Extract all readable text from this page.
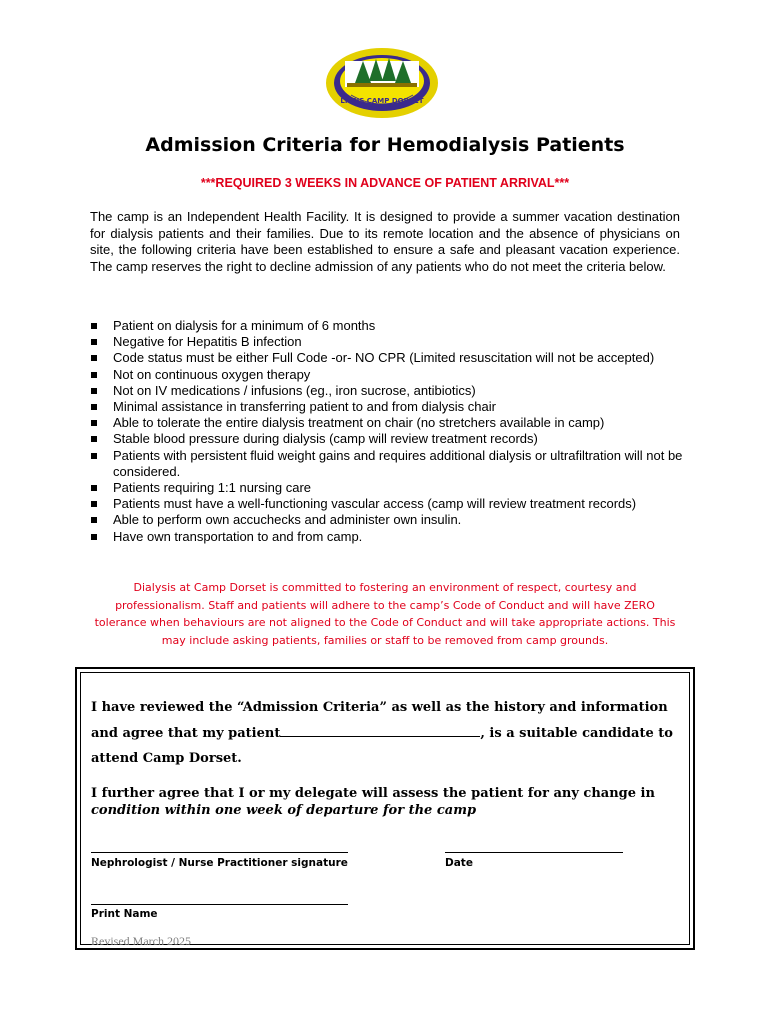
LIONS CAMP DORSET
Admission Criteria for Hemodialysis Patients
***REQUIRED 3 WEEKS IN ADVANCE OF PATIENT ARRIVAL***

The camp is an Independent Health Facility. It is designed to provide a summer vacation destination for dialysis patients and their families. Due to its remote location and the absence of physicians on site, the following criteria have been established to ensure a safe and pleasant vacation experience. The camp reserves the right to decline admission of any patients who do not meet the criteria below.

Patient on dialysis for a minimum of 6 months
Negative for Hepatitis B infection
Code status must be either Full Code -or- NO CPR (Limited resuscitation will not be accepted)
Not on continuous oxygen therapy
Not on IV medications / infusions (eg., iron sucrose, antibiotics)
Minimal assistance in transferring patient to and from dialysis chair
Able to tolerate the entire dialysis treatment on chair (no stretchers available in camp)
Stable blood pressure during dialysis (camp will review treatment records)
Patients with persistent fluid weight gains and requires additional dialysis or ultrafiltration will not be considered.
Patients requiring 1:1 nursing care
Patients must have a well-functioning vascular access (camp will review treatment records)
Able to perform own accuchecks and administer own insulin.
Have own transportation to and from camp.

Dialysis at Camp Dorset is committed to fostering an environment of respect, courtesy and professionalism. Staff and patients will adhere to the camp’s Code of Conduct and will have ZERO tolerance when behaviours are not aligned to the Code of Conduct and will take appropriate actions. This may include asking patients, families or staff to be removed from camp grounds.

I have reviewed the “Admission Criteria” as well as the history and information and agree that my patient	, is a suitable candidate to attend Camp Dorset.

I further agree that I or my delegate will assess the patient for any change in condition within one week of departure for the camp

Nephrologist / Nurse Practitioner signature	Date
Print Name
Revised March 2025
